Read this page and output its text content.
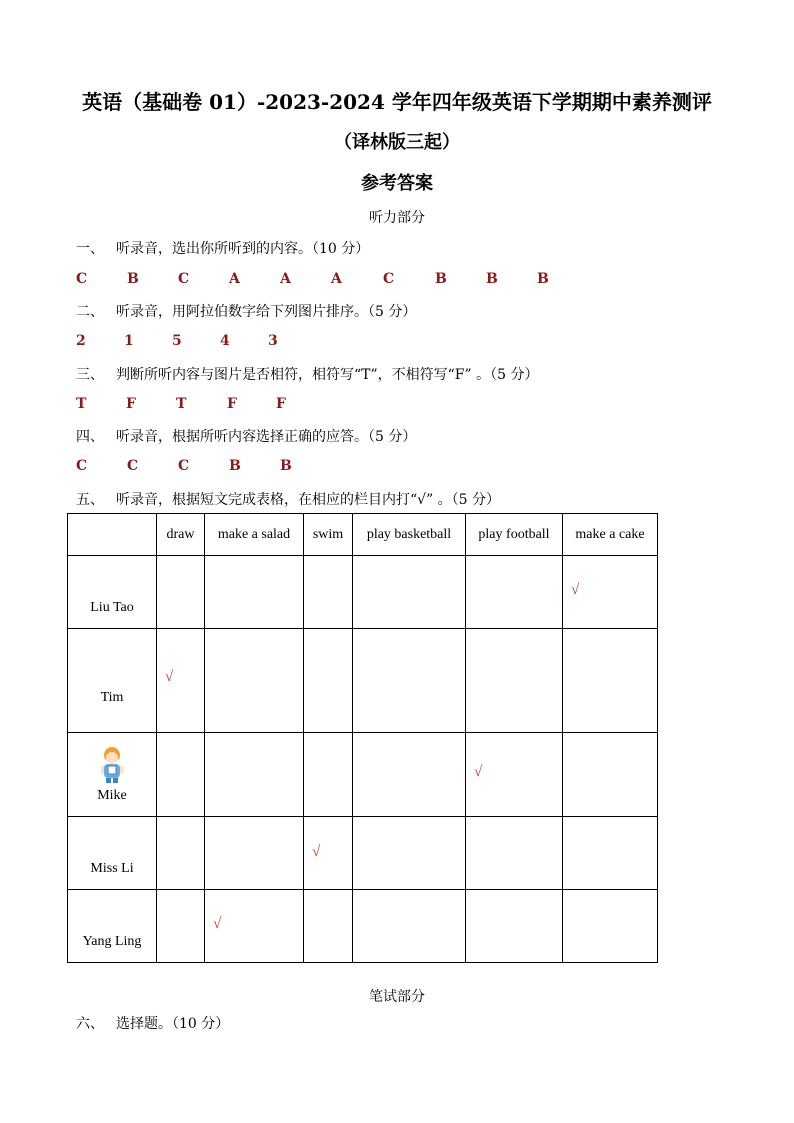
英语（基础卷 01）-2023-2024 学年四年级英语下学期期中素养测评
（译林版三起）
参考答案
听力部分
一、 听录音，选出你所听到的内容。（10 分）
C	B	C	A	A	A	C	B	B	B
二、 听录音，用阿拉伯数字给下列图片排序。（5 分）
2	1	5	4	3
三、 判断所听内容与图片是否相符，相符写“T”，不相符写“F” 。（5 分）
T	F	T	F	F
四、 听录音，根据所听内容选择正确的应答。（5 分）
C	C	C	B	B
五、 听录音，根据短文完成表格，在相应的栏目内打“√” 。（5 分）
	draw	make a salad	swim	play basketball	play football	make a cake
Liu Tao						√
Tim	√					

Mike					√	
Miss Li			√			
Yang Ling		√				
笔试部分
六、 选择题。（10 分）
